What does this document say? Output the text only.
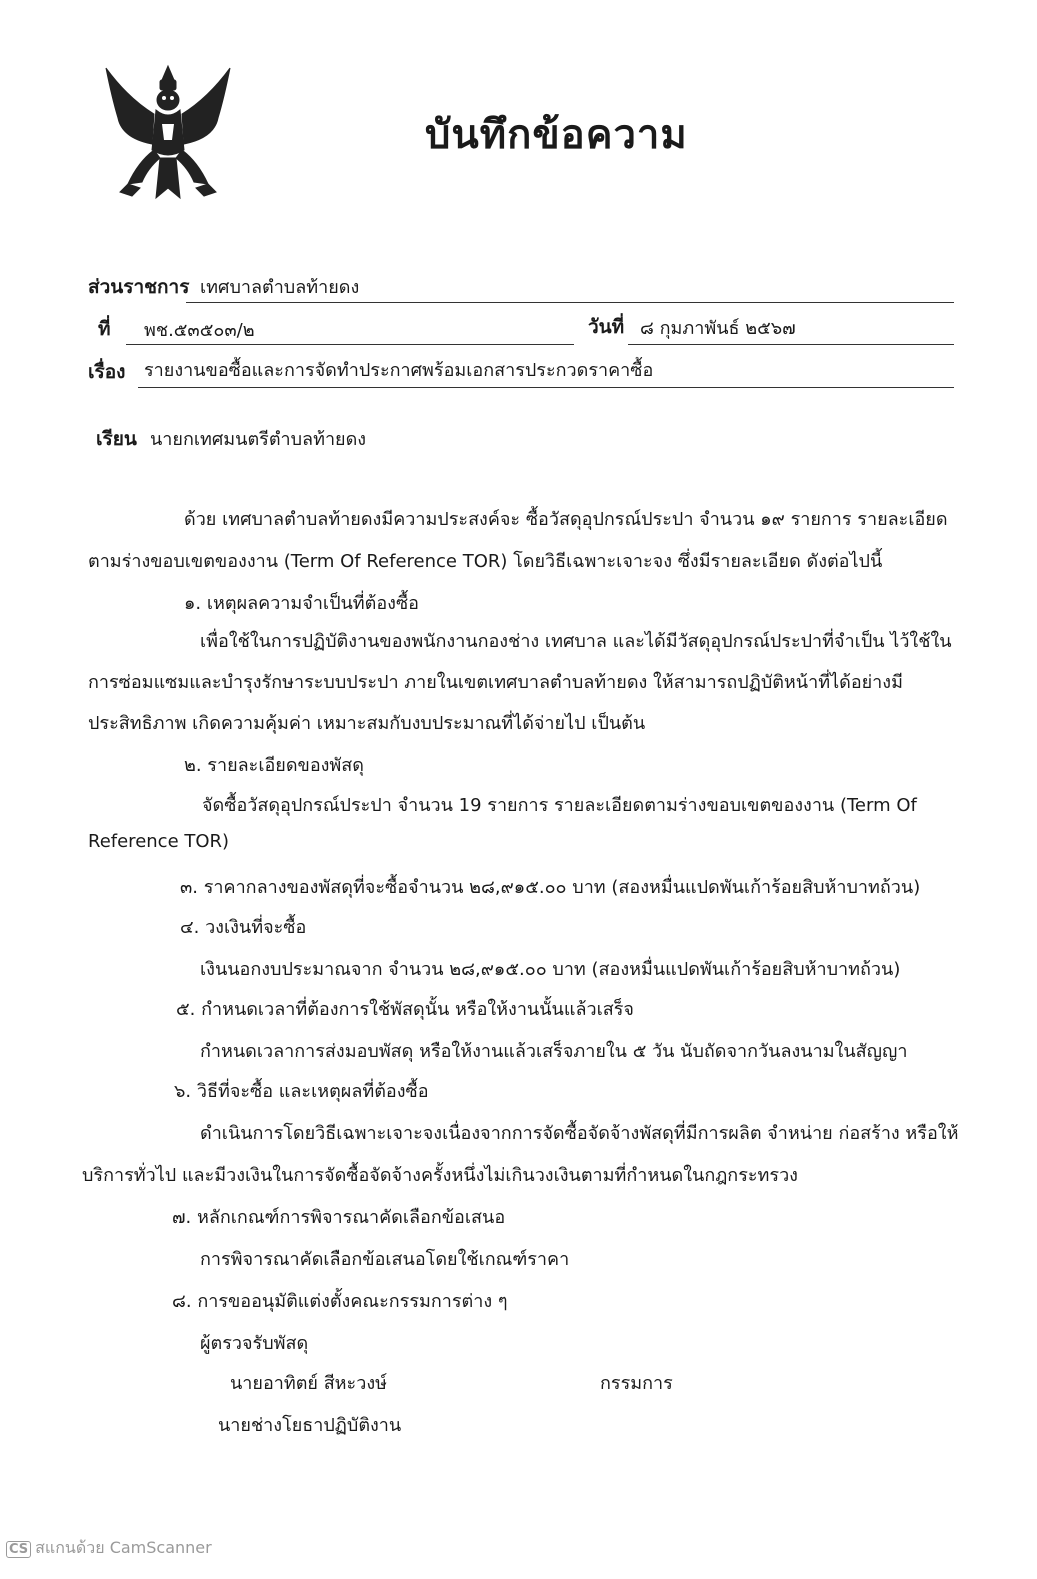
บันทึกข้อความ
ส่วนราชการ เทศบาลตำบลท้ายดง
ที่ พช.๕๓๕๐๓/๒	วันที่ ๘ กุมภาพันธ์ ๒๕๖๗
เรื่อง รายงานขอซื้อและการจัดทำประกาศพร้อมเอกสารประกวดราคาซื้อ
เรียน นายกเทศมนตรีตำบลท้ายดง
ด้วย เทศบาลตำบลท้ายดงมีความประสงค์จะ ซื้อวัสดุอุปกรณ์ประปา จำนวน ๑๙ รายการ รายละเอียด
ตามร่างขอบเขตของงาน (Term Of Reference TOR) โดยวิธีเฉพาะเจาะจง ซึ่งมีรายละเอียด ดังต่อไปนี้
๑. เหตุผลความจำเป็นที่ต้องซื้อ
เพื่อใช้ในการปฏิบัติงานของพนักงานกองช่าง เทศบาล และได้มีวัสดุอุปกรณ์ประปาที่จำเป็น ไว้ใช้ใน
การซ่อมแซมและบำรุงรักษาระบบประปา ภายในเขตเทศบาลตำบลท้ายดง ให้สามารถปฏิบัติหน้าที่ได้อย่างมี
ประสิทธิภาพ เกิดความคุ้มค่า เหมาะสมกับงบประมาณที่ได้จ่ายไป เป็นต้น
๒. รายละเอียดของพัสดุ
จัดซื้อวัสดุอุปกรณ์ประปา จำนวน 19 รายการ รายละเอียดตามร่างขอบเขตของงาน (Term Of
Reference TOR)
๓. ราคากลางของพัสดุที่จะซื้อจำนวน ๒๘,๙๑๕.๐๐ บาท (สองหมื่นแปดพันเก้าร้อยสิบห้าบาทถ้วน)
๔. วงเงินที่จะซื้อ
เงินนอกงบประมาณจาก จำนวน ๒๘,๙๑๕.๐๐ บาท (สองหมื่นแปดพันเก้าร้อยสิบห้าบาทถ้วน)
๕. กำหนดเวลาที่ต้องการใช้พัสดุนั้น หรือให้งานนั้นแล้วเสร็จ
กำหนดเวลาการส่งมอบพัสดุ หรือให้งานแล้วเสร็จภายใน ๕ วัน นับถัดจากวันลงนามในสัญญา
๖. วิธีที่จะซื้อ และเหตุผลที่ต้องซื้อ
ดำเนินการโดยวิธีเฉพาะเจาะจงเนื่องจากการจัดซื้อจัดจ้างพัสดุที่มีการผลิต จำหน่าย ก่อสร้าง หรือให้
บริการทั่วไป และมีวงเงินในการจัดซื้อจัดจ้างครั้งหนึ่งไม่เกินวงเงินตามที่กำหนดในกฎกระทรวง
๗. หลักเกณฑ์การพิจารณาคัดเลือกข้อเสนอ
การพิจารณาคัดเลือกข้อเสนอโดยใช้เกณฑ์ราคา
๘. การขออนุมัติแต่งตั้งคณะกรรมการต่าง ๆ
ผู้ตรวจรับพัสดุ
นายอาทิตย์ สีหะวงษ์	กรรมการ
นายช่างโยธาปฏิบัติงาน
CS สแกนด้วย CamScanner
